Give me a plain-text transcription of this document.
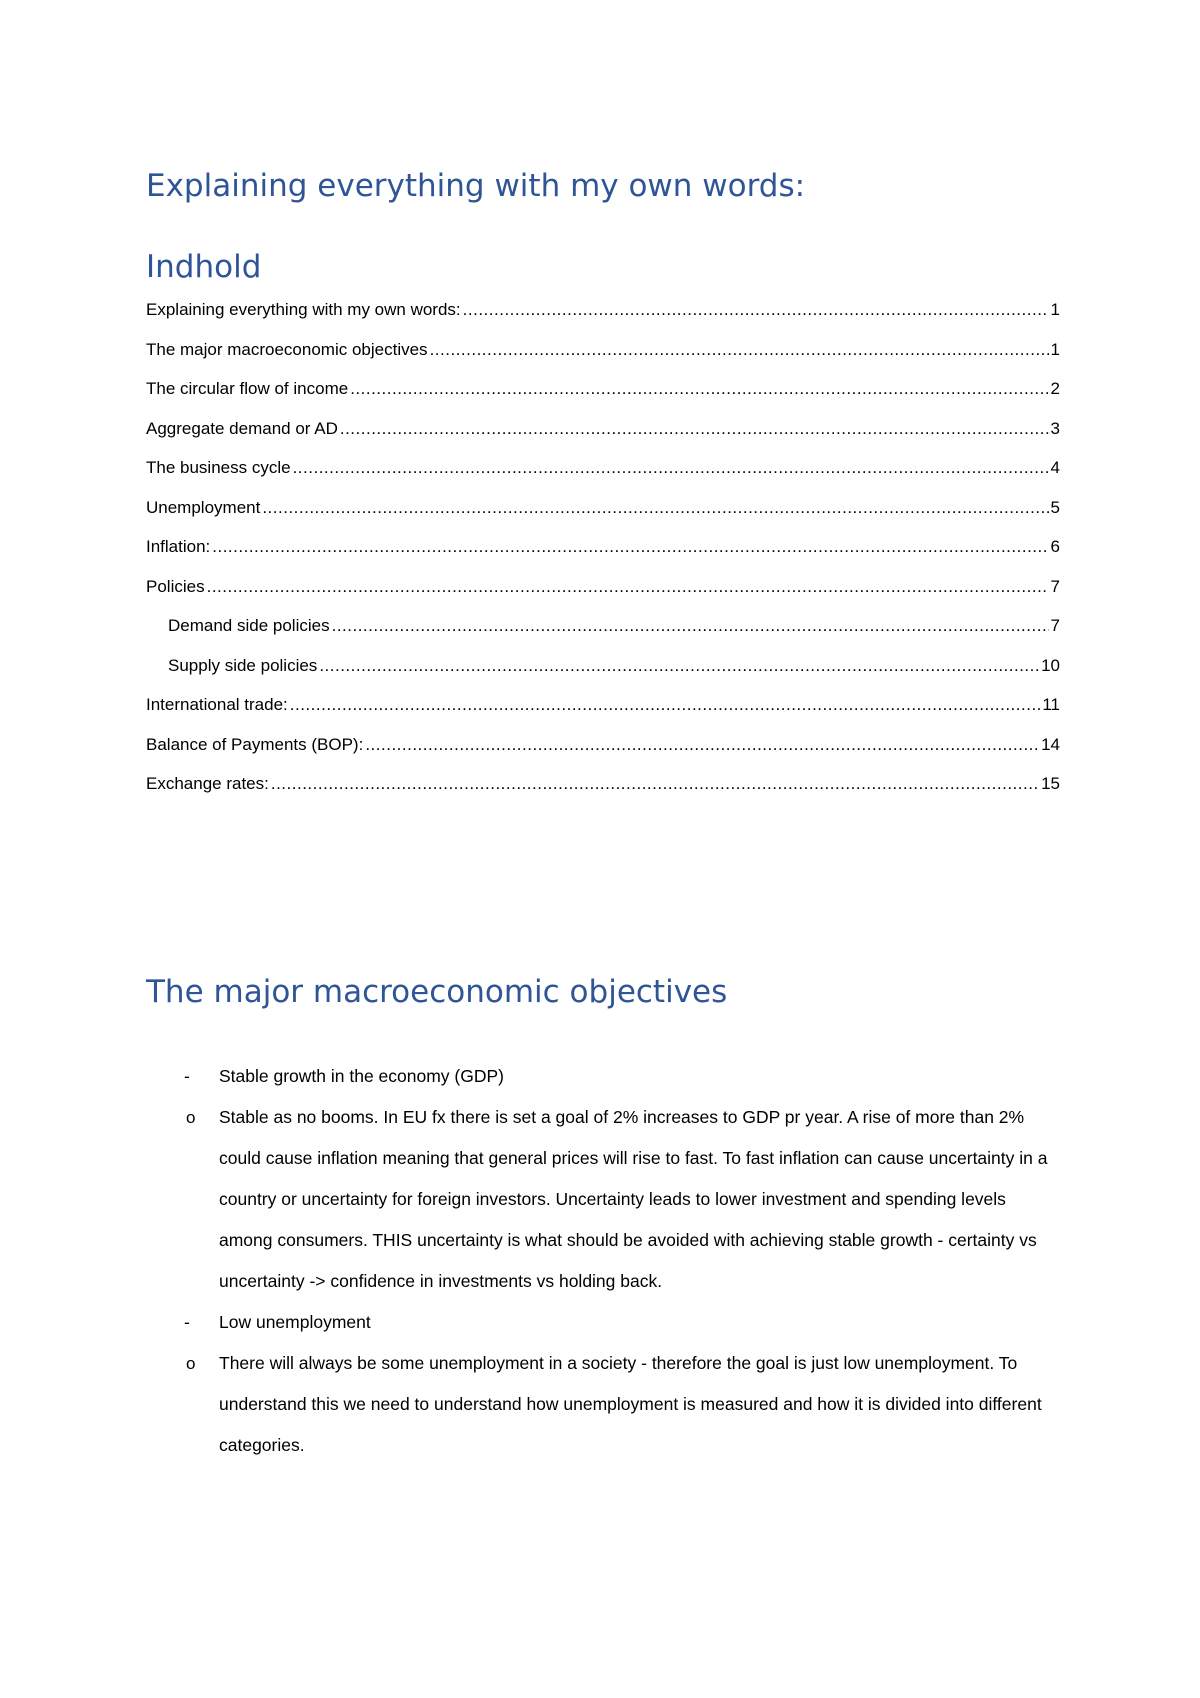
Explaining everything with my own words:
Indhold
Explaining everything with my own words: .....	1
The major macroeconomic objectives .....	1
The circular flow of income .....	2
Aggregate demand or AD .....	3
The business cycle .....	4
Unemployment .....	5
Inflation: .....	6
Policies .....	7
Demand side policies .....	7
Supply side policies .....	10
International trade: .....	11
Balance of Payments (BOP): .....	14
Exchange rates: .....	15
The major macroeconomic objectives
-	Stable growth in the economy (GDP)
o Stable as no booms. In EU fx there is set a goal of 2% increases to GDP pr year. A rise of more than 2% could cause inflation meaning that general prices will rise to fast. To fast inflation can cause uncertainty in a country or uncertainty for foreign investors. Uncertainty leads to lower investment and spending levels among consumers. THIS uncertainty is what should be avoided with achieving stable growth - certainty vs uncertainty -> confidence in investments vs holding back.
-	Low unemployment
o There will always be some unemployment in a society - therefore the goal is just low unemployment. To understand this we need to understand how unemployment is measured and how it is divided into different categories.
